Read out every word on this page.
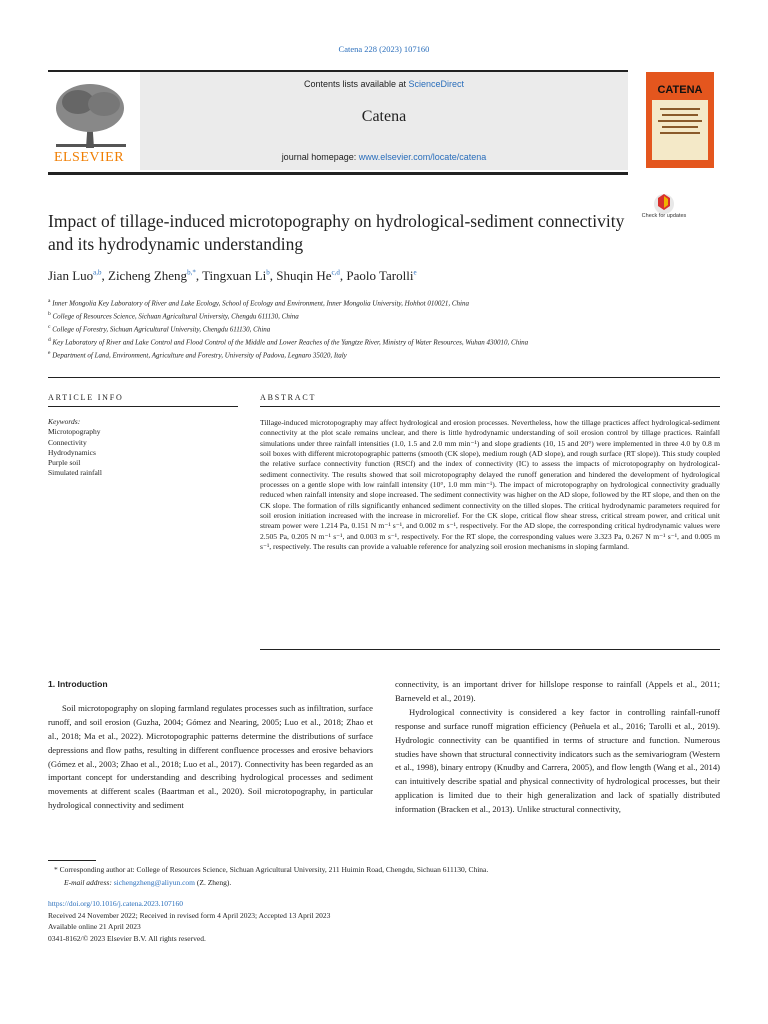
Catena 228 (2023) 107160
ELSEVIER
Contents lists available at ScienceDirect
Catena
journal homepage: www.elsevier.com/locate/catena
CATENA
Check for updates
Impact of tillage-induced microtopography on hydrological-sediment connectivity and its hydrodynamic understanding
Jian Luo$^{a,b}$, Zicheng Zheng$^{b,*}$, Tingxuan Li$^b$, Shuqin He$^{c,d}$, Paolo Tarolli$^e$
$^a$ Inner Mongolia Key Laboratory of River and Lake Ecology, School of Ecology and Environment, Inner Mongolia University, Hohhot 010021, China
$^b$ College of Resources Science, Sichuan Agricultural University, Chengdu 611130, China
$^c$ College of Forestry, Sichuan Agricultural University, Chengdu 611130, China
$^d$ Key Laboratory of River and Lake Control and Flood Control of the Middle and Lower Reaches of the Yangtze River, Ministry of Water Resources, Wuhan 430010, China
$^e$ Department of Land, Environment, Agriculture and Forestry, University of Padova, Legnaro 35020, Italy
ARTICLE INFO	ABSTRACT
Keywords:
Microtopography
Connectivity
Hydrodynamics
Purple soil
Simulated rainfall
Tillage-induced microtopography may affect hydrological and erosion processes. Nevertheless, how the tillage practices affect hydrological-sediment connectivity at the plot scale remains unclear, and there is little hydrodynamic understanding of soil erosion control by tillage practices. Rainfall simulations under three rainfall intensities (1.0, 1.5 and 2.0 mm min⁻¹) and slope gradients (10, 15 and 20°) were implemented in three 4.0 by 0.8 m soil boxes with different microtopographic patterns (smooth (CK slope), medium rough (AD slope), and rough surface (RT slope)). This study coupled the relative surface connectivity function (RSCf) and the index of connectivity (IC) to assess the impacts of microtopography on hydrological-sediment connectivity. The results showed that soil microtopography delayed the runoff generation and hindered the development of hydrological processes on a gentle slope with low rainfall intensity (10°, 1.0 mm min⁻¹). The impact of microtopography on hydrological connectivity gradually reduced when rainfall intensity and slope increased. The sediment connectivity was higher on the AD slope, followed by the RT slope, and then on the CK slope. The formation of rills significantly enhanced sediment connectivity on the tilled slopes. The critical hydrodynamic parameters required for soil erosion initiation increased with the increase in microrelief. For the CK slope, critical flow shear stress, critical stream power, and critical unit stream power were 1.214 Pa, 0.151 N m⁻¹ s⁻¹, and 0.002 m s⁻¹, respectively. For the AD slope, the corresponding critical hydrodynamic values were 2.505 Pa, 0.205 N m⁻¹ s⁻¹, and 0.003 m s⁻¹, respectively. For the RT slope, the corresponding values were 3.323 Pa, 0.267 N m⁻¹ s⁻¹, and 0.005 m s⁻¹, respectively. The results can provide a valuable reference for analyzing soil erosion mechanisms in sloping farmland.
1. Introduction

Soil microtopography on sloping farmland regulates processes such as infiltration, surface runoff, and soil erosion (Guzha, 2004; Gómez and Nearing, 2005; Luo et al., 2018; Zhao et al., 2018; Ma et al., 2022). Microtopographic patterns determine the distributions of surface depressions and flow paths, resulting in different confluence processes and erosive behaviors (Gómez et al., 2003; Zhao et al., 2018; Luo et al., 2017). Connectivity has been regarded as an important concept for understanding and describing hydrological processes and sediment movements at different scales (Baartman et al., 2020). Soil microtopography, in particular hydrological connectivity and sediment

connectivity, is an important driver for hillslope response to rainfall (Appels et al., 2011; Barneveld et al., 2019).

Hydrological connectivity is considered a key factor in controlling rainfall-runoff response and surface runoff migration efficiency (Peñuela et al., 2016; Tarolli et al., 2019). Hydrologic connectivity can be quantified in terms of structure and function. Numerous studies have shown that structural connectivity indicators such as the semivariogram (Western et al., 1998), binary entropy (Knudby and Carrera, 2005), and flow length (Wang et al., 2014) can intuitively describe spatial and physical connectivity of hydrological processes, but their application is limited due to their high generalization and lack of spatially distributed information (Bracken et al., 2013). Unlike structural connectivity,

* Corresponding author at: College of Resources Science, Sichuan Agricultural University, 211 Huimin Road, Chengdu, Sichuan 611130, China.
E-mail address: sichengzheng@aliyun.com (Z. Zheng).
https://doi.org/10.1016/j.catena.2023.107160
Received 24 November 2022; Received in revised form 4 April 2023; Accepted 13 April 2023
Available online 21 April 2023
0341-8162/© 2023 Elsevier B.V. All rights reserved.
